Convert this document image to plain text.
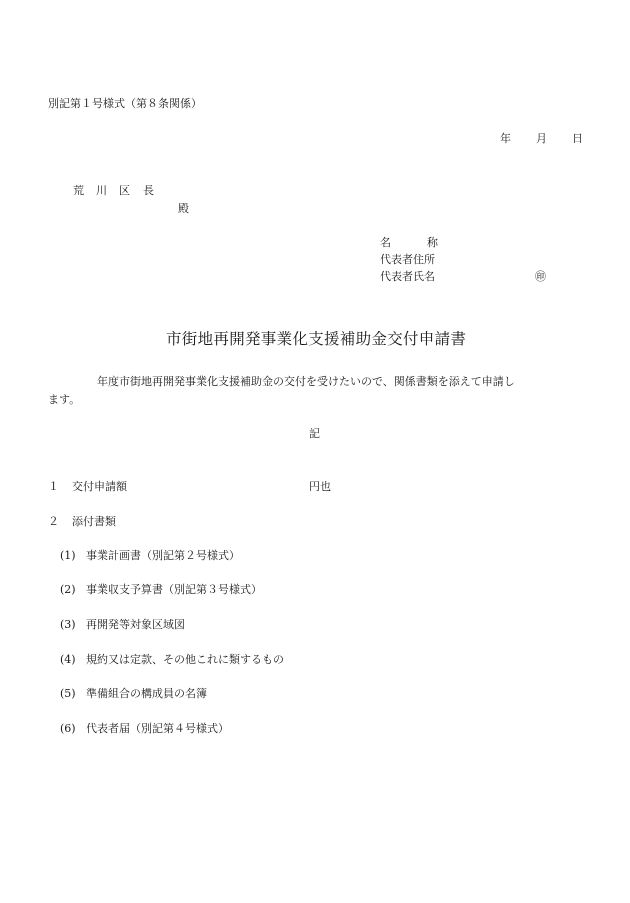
別記第１号様式（第８条関係）
年 月 日
荒 川 区 長
殿
名	称
代表者住所
代表者氏名	㊞
市街地再開発事業化支援補助金交付申請書
年度市街地再開発事業化支援補助金の交付を受けたいので、関係書類を添えて申請し
ます。
記
１ 交付申請額	円也
２ 添付書類
(1) 事業計画書（別記第２号様式）
(2) 事業収支予算書（別記第３号様式）
(3) 再開発等対象区域図
(4) 規約又は定款、その他これに類するもの
(5) 準備組合の構成員の名簿
(6) 代表者届（別記第４号様式）
